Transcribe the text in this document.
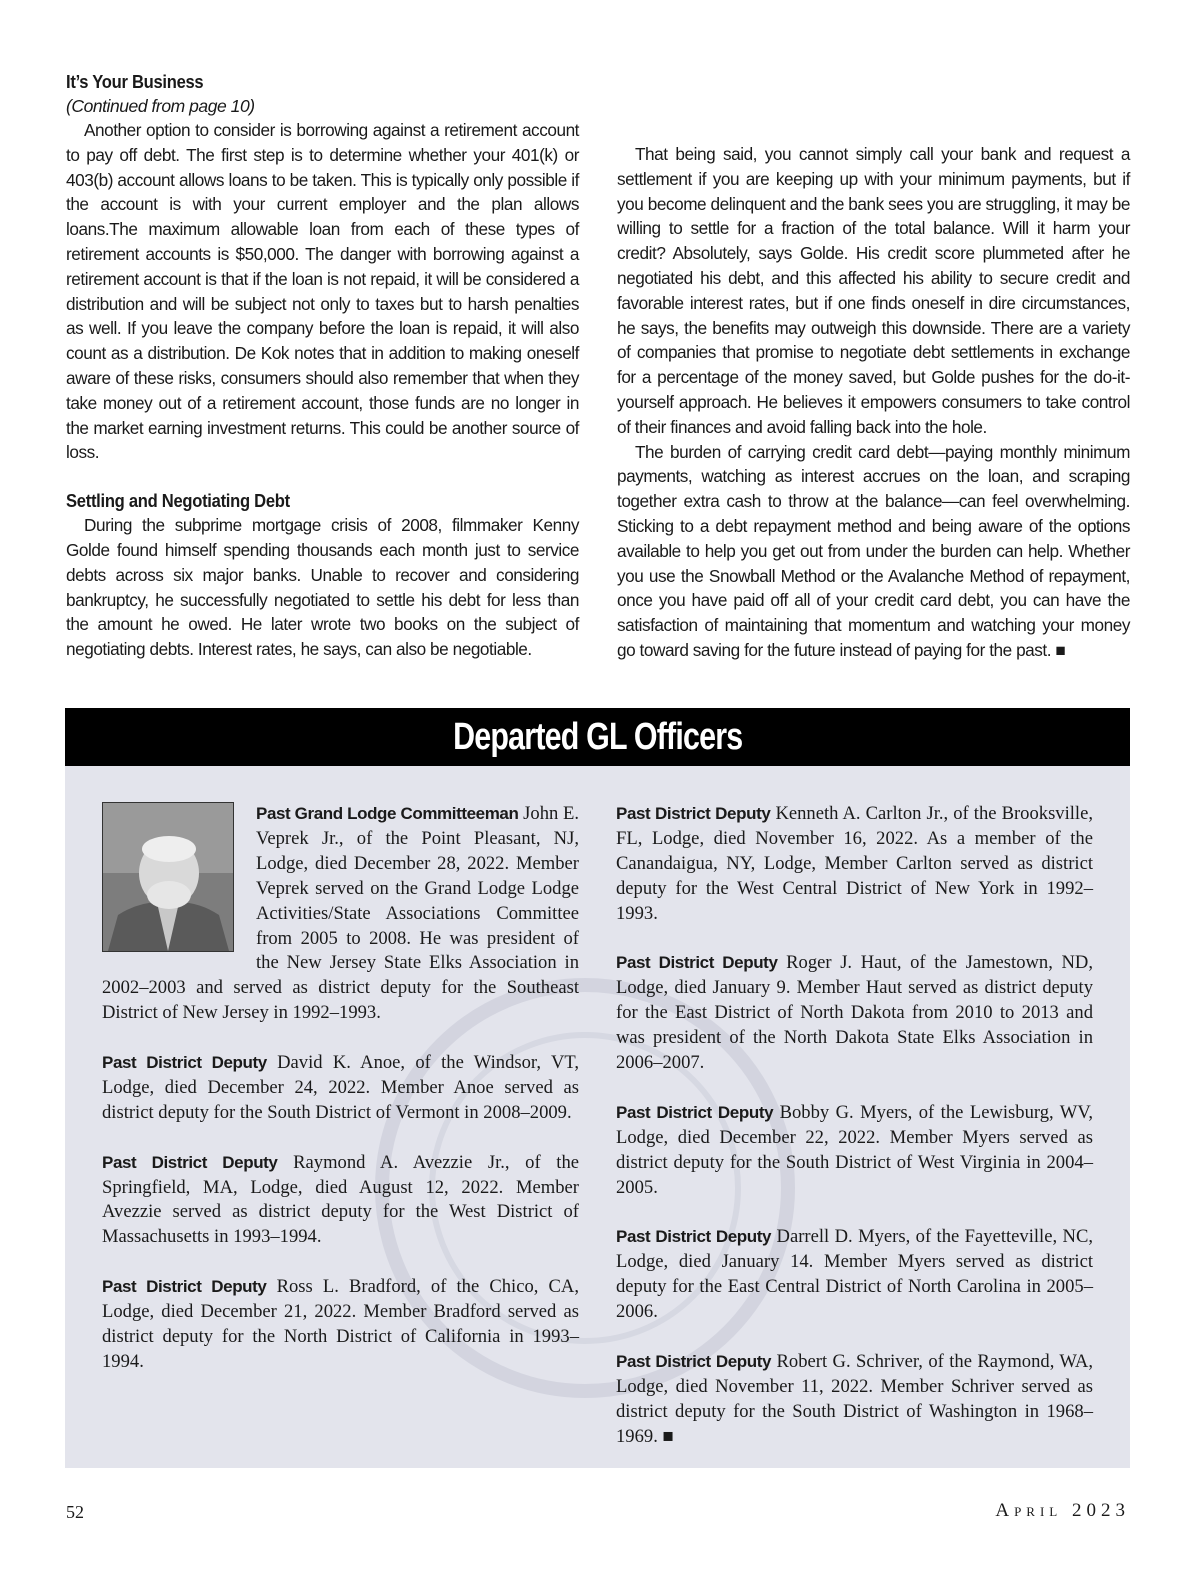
It’s Your Business
(Continued from page 10)

Another option to consider is borrowing against a retirement account to pay off debt. The first step is to determine whether your 401(k) or 403(b) account allows loans to be taken. This is typically only possible if the account is with your current employer and the plan allows loans.The maximum allowable loan from each of these types of retirement accounts is $50,000. The danger with borrowing against a retirement account is that if the loan is not repaid, it will be considered a distribution and will be subject not only to taxes but to harsh penalties as well. If you leave the company before the loan is repaid, it will also count as a distribution. De Kok notes that in addition to making oneself aware of these risks, consumers should also remember that when they take money out of a retirement account, those funds are no longer in the market earning investment returns. This could be another source of loss.

Settling and Negotiating Debt

During the subprime mortgage crisis of 2008, filmmaker Kenny Golde found himself spending thousands each month just to service debts across six major banks. Unable to recover and considering bankruptcy, he successfully negotiated to settle his debt for less than the amount he owed. He later wrote two books on the subject of negotiating debts. Interest rates, he says, can also be negotiable.

That being said, you cannot simply call your bank and request a settlement if you are keeping up with your minimum payments, but if you become delinquent and the bank sees you are struggling, it may be willing to settle for a fraction of the total balance. Will it harm your credit? Absolutely, says Golde. His credit score plummeted after he negotiated his debt, and this affected his ability to secure credit and favorable interest rates, but if one finds oneself in dire circumstances, he says, the benefits may outweigh this downside. There are a variety of companies that promise to negotiate debt settlements in exchange for a percentage of the money saved, but Golde pushes for the do-it-yourself approach. He believes it empowers consumers to take control of their finances and avoid falling back into the hole.

The burden of carrying credit card debt—paying monthly minimum payments, watching as interest accrues on the loan, and scraping together extra cash to throw at the balance—can feel overwhelming. Sticking to a debt repayment method and being aware of the options available to help you get out from under the burden can help. Whether you use the Snowball Method or the Avalanche Method of repayment, once you have paid off all of your credit card debt, you can have the satisfaction of maintaining that momentum and watching your money go toward saving for the future instead of paying for the past. ■

Departed GL Officers
Past Grand Lodge Committeeman John E. Veprek Jr., of the Point Pleasant, NJ, Lodge, died December 28, 2022. Member Veprek served on the Grand Lodge Lodge Activities/State Associations Committee from 2005 to 2008. He was president of the New Jersey State Elks Association in 2002–2003 and served as district deputy for the Southeast District of New Jersey in 1992–1993.
Past District Deputy David K. Anoe, of the Windsor, VT, Lodge, died December 24, 2022. Member Anoe served as district deputy for the South District of Vermont in 2008–2009.
Past District Deputy Raymond A. Avezzie Jr., of the Springfield, MA, Lodge, died August 12, 2022. Member Avezzie served as district deputy for the West District of Massachusetts in 1993–1994.
Past District Deputy Ross L. Bradford, of the Chico, CA, Lodge, died December 21, 2022. Member Bradford served as district deputy for the North District of California in 1993–1994.
Past District Deputy Kenneth A. Carlton Jr., of the Brooksville, FL, Lodge, died November 16, 2022. As a member of the Canandaigua, NY, Lodge, Member Carlton served as district deputy for the West Central District of New York in 1992–1993.
Past District Deputy Roger J. Haut, of the Jamestown, ND, Lodge, died January 9. Member Haut served as district deputy for the East District of North Dakota from 2010 to 2013 and was president of the North Dakota State Elks Association in 2006–2007.
Past District Deputy Bobby G. Myers, of the Lewisburg, WV, Lodge, died December 22, 2022. Member Myers served as district deputy for the South District of West Virginia in 2004–2005.
Past District Deputy Darrell D. Myers, of the Fayetteville, NC, Lodge, died January 14. Member Myers served as district deputy for the East Central District of North Carolina in 2005–2006.
Past District Deputy Robert G. Schriver, of the Raymond, WA, Lodge, died November 11, 2022. Member Schriver served as district deputy for the South District of Washington in 1968–1969. ■
52	April 2023
